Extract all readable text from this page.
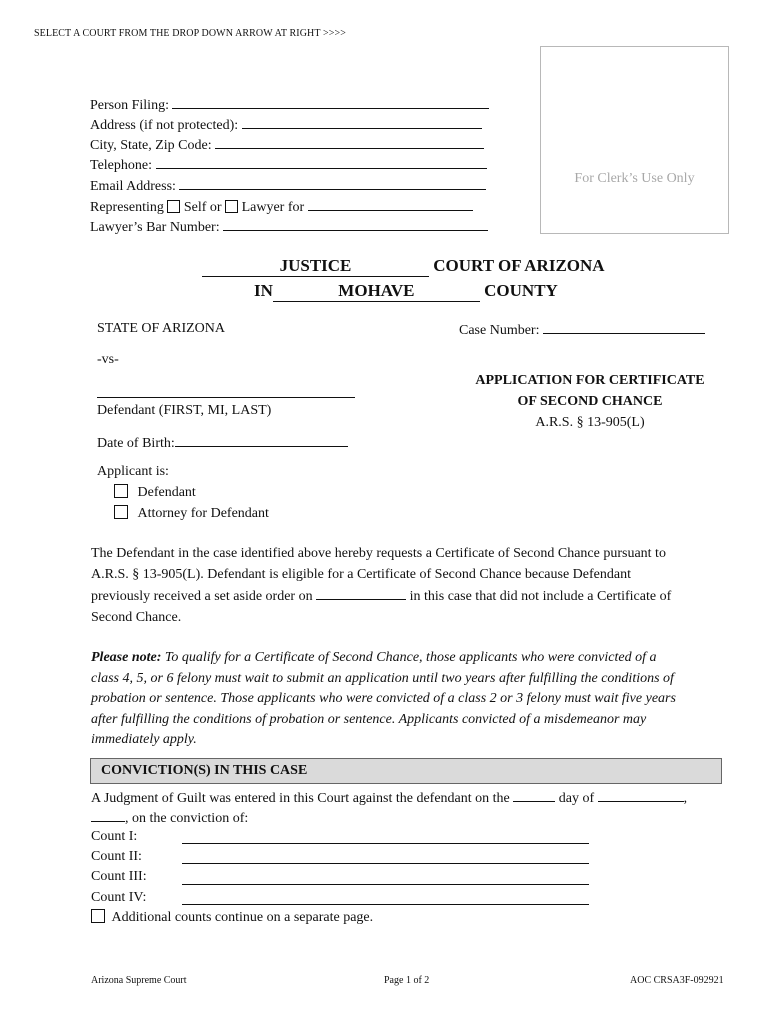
SELECT A COURT FROM THE DROP DOWN ARROW AT RIGHT >>>>
For Clerk’s Use Only
Person Filing:
Address (if not protected):
City, State, Zip Code:
Telephone:
Email Address:
Representing Self or Lawyer for
Lawyer’s Bar Number:
JUSTICE	COURT OF ARIZONA
IN	MOHAVE	COUNTY
STATE OF ARIZONA
-vs-
Defendant (FIRST, MI, LAST)
Date of Birth:
Case Number:
APPLICATION FOR CERTIFICATE
OF SECOND CHANCE
A.R.S. § 13-905(L)
Applicant is:
Defendant
Attorney for Defendant
The Defendant in the case identified above hereby requests a Certificate of Second Chance pursuant to
A.R.S. § 13-905(L). Defendant is eligible for a Certificate of Second Chance because Defendant
previously received a set aside order on	in this case that did not include a Certificate of
Second Chance.
Please note: To qualify for a Certificate of Second Chance, those applicants who were convicted of a
class 4, 5, or 6 felony must wait to submit an application until two years after fulfilling the conditions of
probation or sentence. Those applicants who were convicted of a class 2 or 3 felony must wait five years
after fulfilling the conditions of probation or sentence. Applicants convicted of a misdemeanor may
immediately apply.
CONVICTION(S) IN THIS CASE
A Judgment of Guilt was entered in this Court against the defendant on the	day of	,
, on the conviction of:
Count I:
Count II:
Count III:
Count IV:
Additional counts continue on a separate page.
Arizona Supreme Court	Page 1 of 2	AOC CRSA3F-092921
